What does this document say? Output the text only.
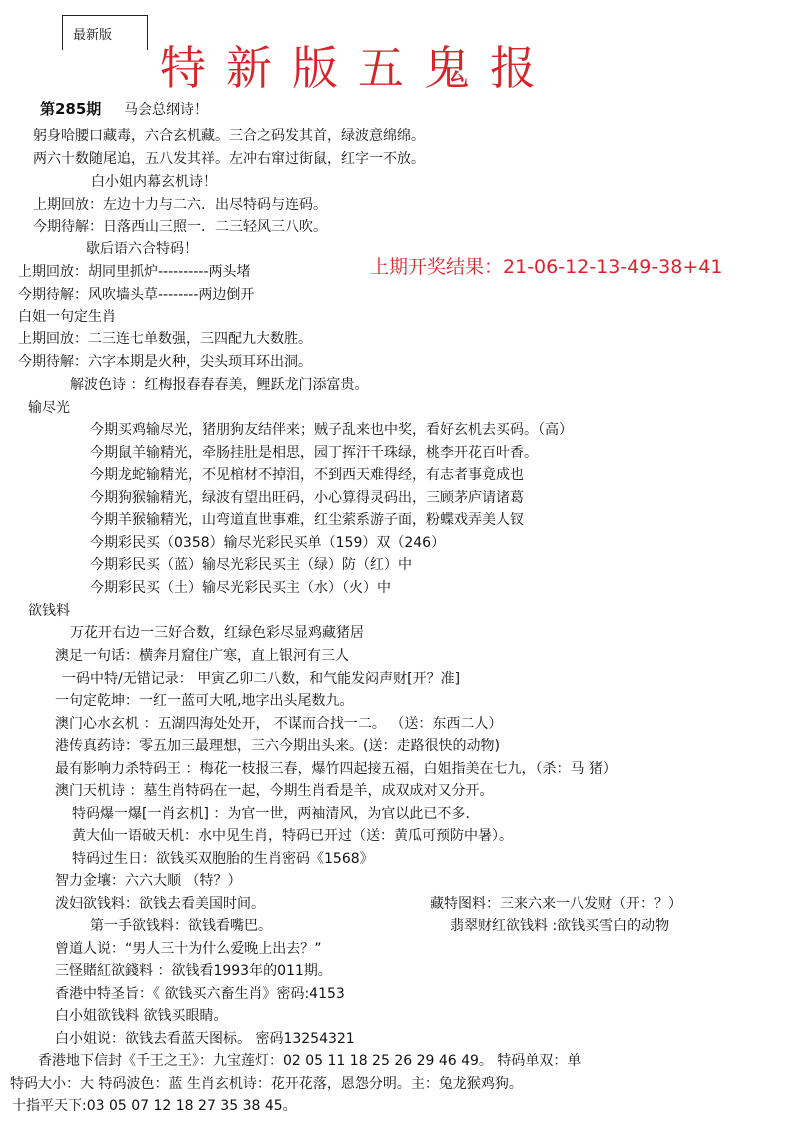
最新版
特新版五鬼报
第285期
上期开奖结果：21-06-12-13-49-38+41
马会总纲诗！
躬身哈腰口藏毒，六合玄机藏。三合之码发其首，绿波意绵绵。
两六十数随尾追，五八发其祥。左冲右窜过街鼠，红字一不放。
白小姐内幕玄机诗！
上期回放：左边十力与二六．出尽特码与连码。
今期待解：日落西山三照一．二三轻风三八吹。
歇后语六合特码！
上期回放：胡同里抓炉----------两头堵
今期待解：风吹墙头草--------两边倒开
白姐一句定生肖
上期回放：二三连七单数强，三四配九大数胜。
今期待解：六字本期是火种，尖头顼耳环出洞。
解波色诗 ：红梅报春春春美，鲤跃龙门添富贵。
输尽光
今期买鸡输尽光，猪朋狗友结伴来；贼子乱来也中奖，看好玄机去买码。（高）
今期鼠羊输精光，牵肠挂肚是相思，园丁挥汗千珠绿，桃李开花百叶香。
今期龙蛇输精光，不见棺材不掉泪，不到西天难得经，有志者事竟成也
今期狗猴输精光，绿波有望出旺码，小心算得灵码出，三顾茅庐请诸葛
今期羊猴输精光，山弯道直世事难，红尘萦系游子面，粉蝶戏弄美人钗
今期彩民买（0358）输尽光彩民买单（159）双（246）
今期彩民买（蓝）输尽光彩民买主（绿）防（红）中
今期彩民买（土）输尽光彩民买主（水）（火）中
欲钱料
万花开右边一三好合数，红绿色彩尽显鸡藏猪居
澳足一句话：横奔月窟住广寒，直上银河有三人
一码中特/无错记录： 甲寅乙卯二八数，和气能发闷声财[开？准]
一句定乾坤：一红一蓝可大吼,地字出头尾数九。
澳门心水玄机 ：五湖四海处处开， 不谋而合找一二。 （送：东西二人）
港传真药诗：零五加三最理想，三六今期出头来。(送：走路很快的动物)
最有影响力杀特码王 ：梅花一枝报三春，爆竹四起接五福，白姐指美在七九，（杀：马 猪）
澳门天机诗 ：墓生肖特码在一起，今期生肖看是羊，成双成对又分开。
特码爆一爆[一肖玄机] ：为官一世，两袖清风，为官以此已不多.
黄大仙一语破天机：水中见生肖，特码已开过（送：黄瓜可预防中暑）。
特码过生日：欲钱买双胞胎的生肖密码《1568》
智力金壤：六六大顺 （特？）
泼妇欲钱料：欲钱去看美国时间。	藏特图料：三来六来一八发财（开：？）
第一手欲钱料：欲钱看嘴巴。	翡翠财红欲钱料 :欲钱买雪白的动物
曾道人说：“男人三十为什么爱晚上出去？”
三怪賭紅欲錢料 ：欲钱看1993年的011期。
香港中特圣旨：《 欲钱买六畜生肖》密码:4153
白小姐欲钱料 欲钱买眼睛。
白小姐说：欲钱去看蓝天图标。 密码13254321
香港地下信封《千王之王》：九宝莲灯：02 05 11 18 25 26 29 46 49。 特码单双：单
特码大小：大 特码波色：蓝 生肖玄机诗：花开花落，恩怨分明。主：兔龙猴鸡狗。
十指平天下:03 05 07 12 18 27 35 38 45。
